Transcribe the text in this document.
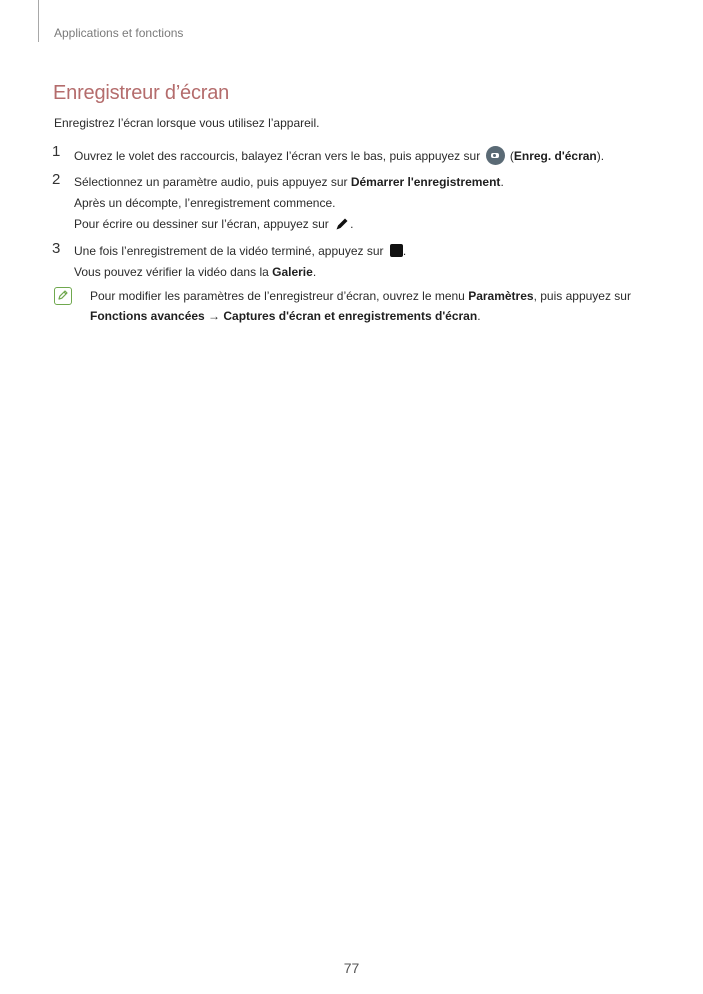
Applications et fonctions
Enregistreur d’écran
Enregistrez l’écran lorsque vous utilisez l’appareil.
1	Ouvrez le volet des raccourcis, balayez l’écran vers le bas, puis appuyez sur  (Enreg. d'écran).
2	Sélectionnez un paramètre audio, puis appuyez sur Démarrer l'enregistrement.
Après un décompte, l’enregistrement commence.
Pour écrire ou dessiner sur l’écran, appuyez sur .
3	Une fois l’enregistrement de la vidéo terminé, appuyez sur .
Vous pouvez vérifier la vidéo dans la Galerie.
Pour modifier les paramètres de l’enregistreur d’écran, ouvrez le menu Paramètres, puis appuyez sur
Fonctions avancées → Captures d'écran et enregistrements d'écran.
77
